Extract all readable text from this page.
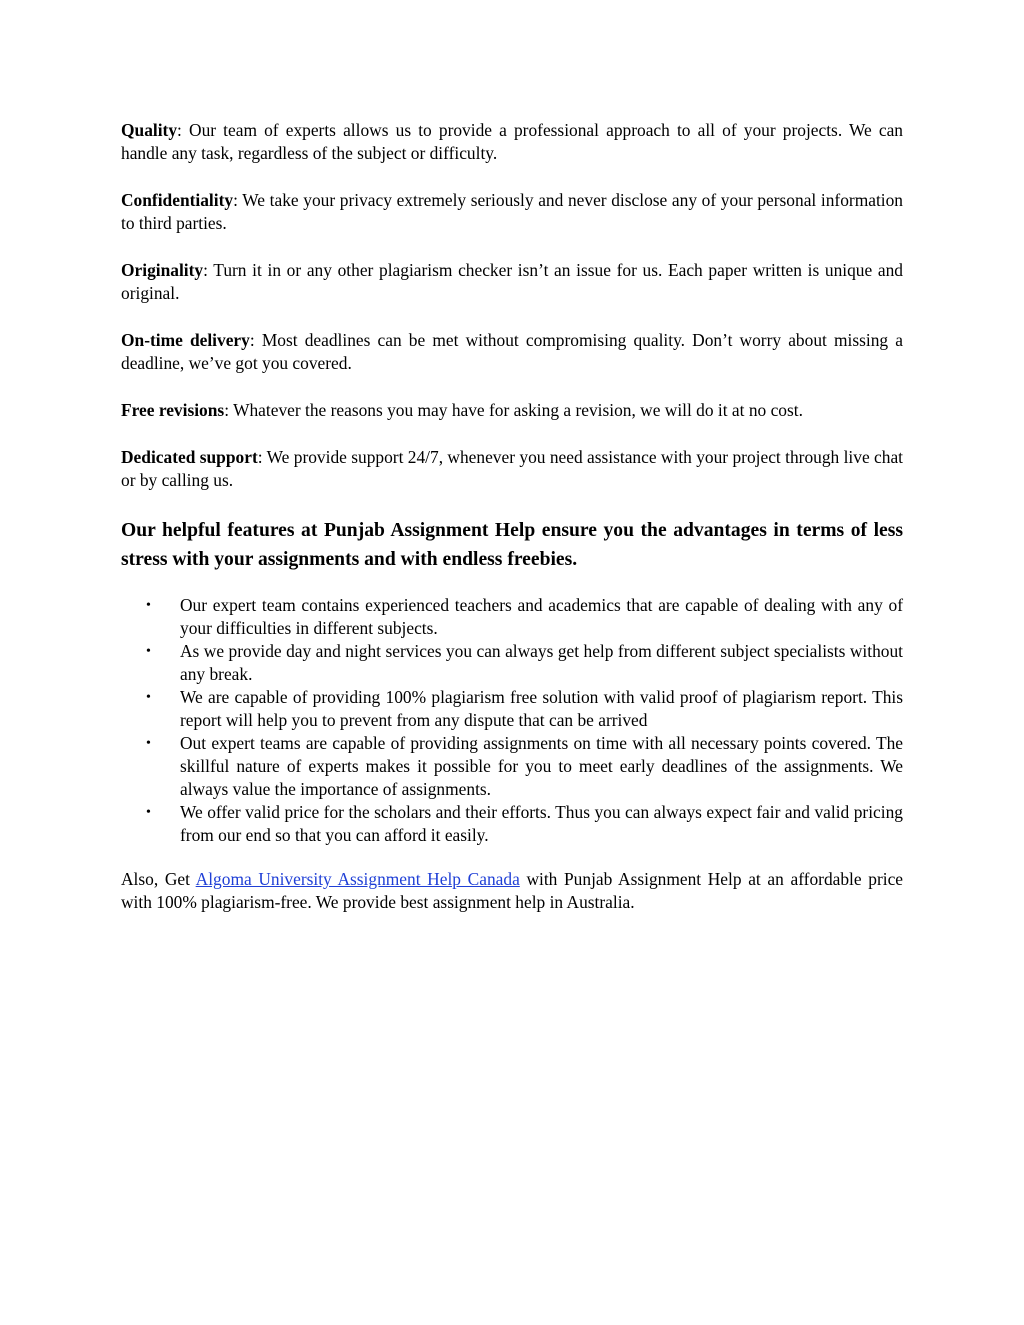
Quality: Our team of experts allows us to provide a professional approach to all of your projects. We can handle any task, regardless of the subject or difficulty.

Confidentiality: We take your privacy extremely seriously and never disclose any of your personal information to third parties.

Originality: Turn it in or any other plagiarism checker isn’t an issue for us. Each paper written is unique and original.

On-time delivery: Most deadlines can be met without compromising quality. Don’t worry about missing a deadline, we’ve got you covered.

Free revisions: Whatever the reasons you may have for asking a revision, we will do it at no cost.

Dedicated support: We provide support 24/7, whenever you need assistance with your project through live chat or by calling us.

Our helpful features at Punjab Assignment Help ensure you the advantages in terms of less stress with your assignments and with endless freebies.
• Our expert team contains experienced teachers and academics that are capable of dealing with any of your difficulties in different subjects.
• As we provide day and night services you can always get help from different subject specialists without any break.
• We are capable of providing 100% plagiarism free solution with valid proof of plagiarism report. This report will help you to prevent from any dispute that can be arrived
• Out expert teams are capable of providing assignments on time with all necessary points covered. The skillful nature of experts makes it possible for you to meet early deadlines of the assignments. We always value the importance of assignments.
• We offer valid price for the scholars and their efforts. Thus you can always expect fair and valid pricing from our end so that you can afford it easily.

Also, Get Algoma University Assignment Help Canada with Punjab Assignment Help at an affordable price with 100% plagiarism-free. We provide best assignment help in Australia.
